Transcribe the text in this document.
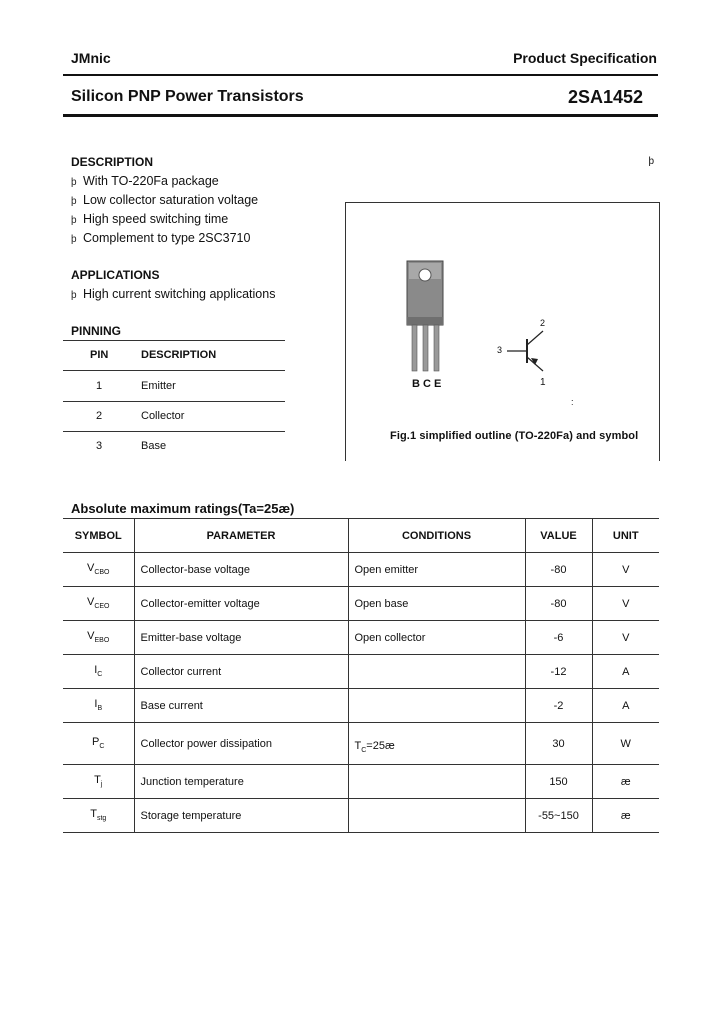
JMnic	Product Specification
Silicon PNP Power Transistors	2SA1452
þ
DESCRIPTION
þ With TO-220Fa package
þ Low collector saturation voltage
þ High speed switching time
þ Complement to type 2SC3710
APPLICATIONS
þ High current switching applications
PINNING
PIN	DESCRIPTION
1	Emitter
2	Collector
3	Base
B C E
2
3
1
:
Fig.1 simplified outline (TO-220Fa) and symbol
Absolute maximum ratings(Ta=25æ)
SYMBOL	PARAMETER	CONDITIONS	VALUE	UNIT
$V_{CBO}$	Collector-base voltage	Open emitter	-80	V
$V_{CEO}$	Collector-emitter voltage	Open base	-80	V
$V_{EBO}$	Emitter-base voltage	Open collector	-6	V
$I_C$	Collector current		-12	A
$I_B$	Base current		-2	A
$P_C$	Collector power dissipation	$T_C=25æ$	30	W
$T_j$	Junction temperature		150	æ
$T_{stg}$	Storage temperature		-55~150	æ
